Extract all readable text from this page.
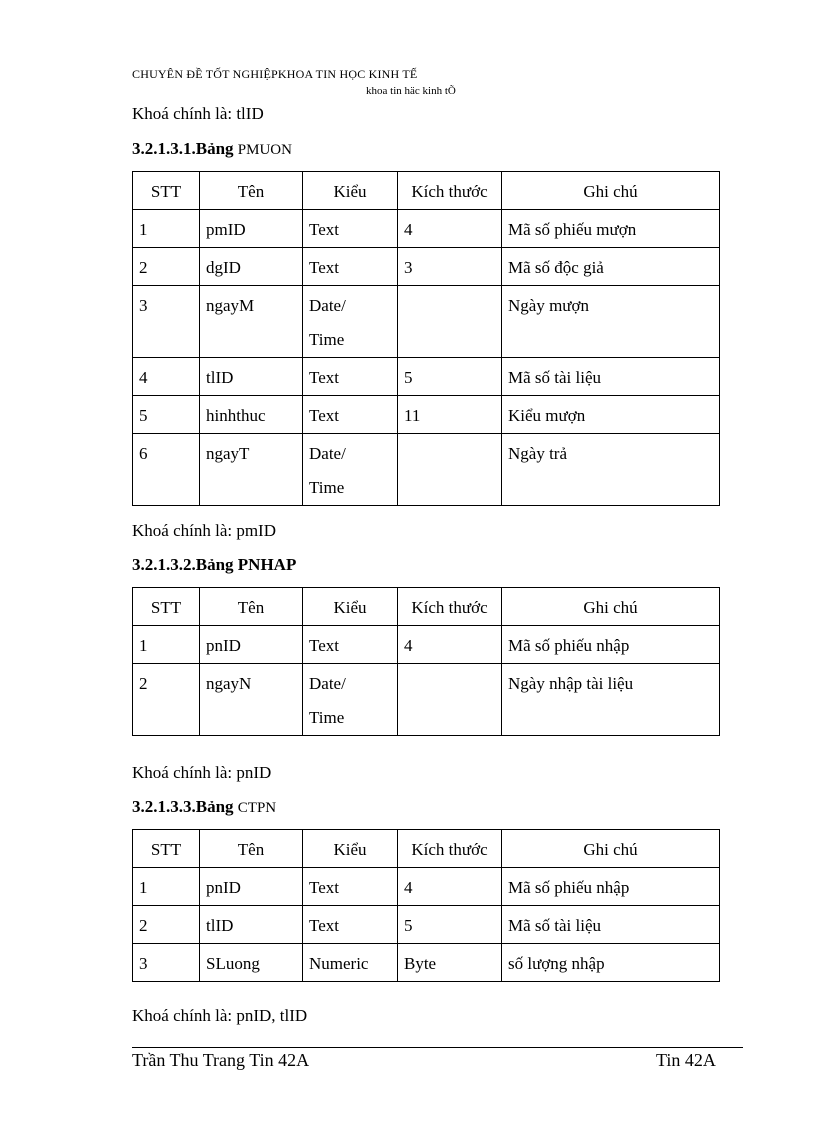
CHUYÊN ĐỀ TỐT NGHIỆPKHOA TIN HỌC KINH TẾ
khoa tin häc kinh tÕ
Khoá chính là: tlID
3.2.1.3.1.Bảng PMUON
STT	Tên	Kiểu	Kích thước	Ghi chú
1	pmID	Text	4	Mã số phiếu mượn
2	dgID	Text	3	Mã số độc giả
3	ngayM	Date/
Time		Ngày mượn
4	tlID	Text	5	Mã số tài liệu
5	hinhthuc	Text	11	Kiểu mượn
6	ngayT	Date/
Time		Ngày trả
Khoá chính là: pmID
3.2.1.3.2.Bảng PNHAP
STT	Tên	Kiểu	Kích thước	Ghi chú
1	pnID	Text	4	Mã số phiếu nhập
2	ngayN	Date/
Time		Ngày nhập tài liệu
Khoá chính là: pnID
3.2.1.3.3.Bảng CTPN
STT	Tên	Kiểu	Kích thước	Ghi chú
1	pnID	Text	4	Mã số phiếu nhập
2	tlID	Text	5	Mã số tài liệu
3	SLuong	Numeric	Byte	số lượng nhập
Khoá chính là: pnID, tlID
Trần Thu Trang Tin 42A	Tin 42A
